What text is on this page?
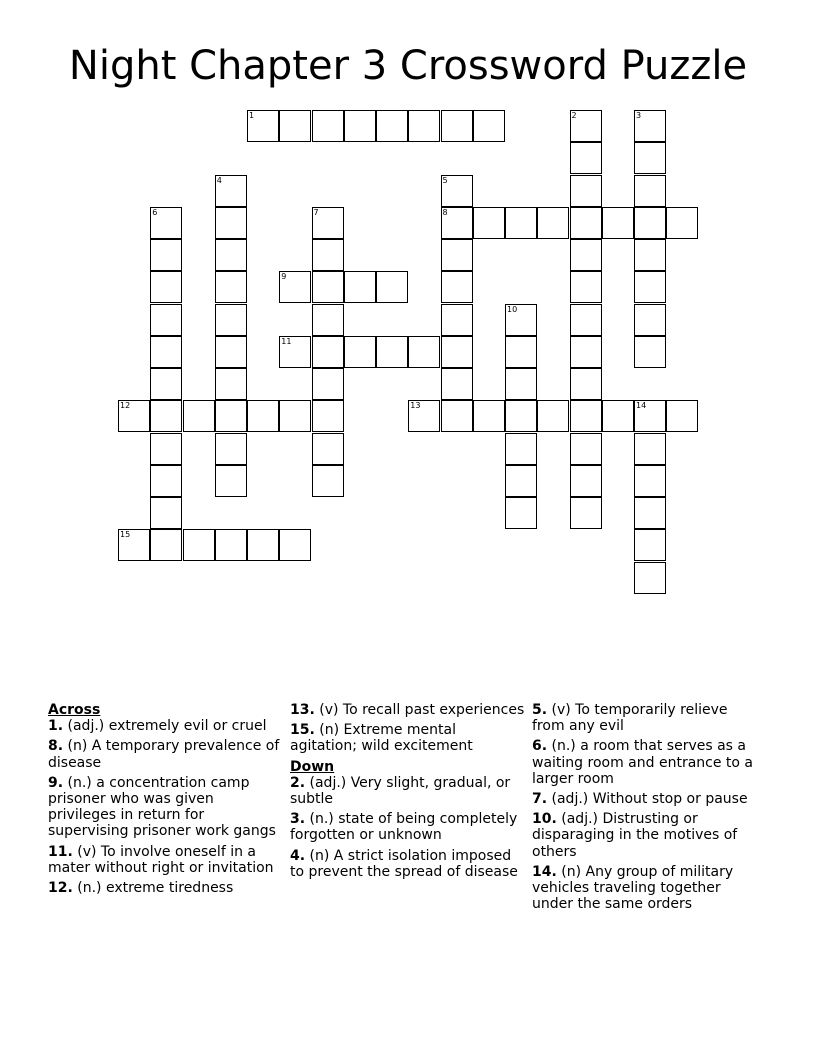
Night Chapter 3 Crossword Puzzle
1	2	3
4	5
8
6	7
9
10
11
12	13	14
15
Across
1. (adj.) extremely evil or cruel
8. (n) A temporary prevalence of disease
9. (n.) a concentration camp prisoner who was given privileges in return for supervising prisoner work gangs
11. (v) To involve oneself in a mater without right or invitation
12. (n.) extreme tiredness
13. (v) To recall past experiences
15. (n) Extreme mental agitation; wild excitement
Down
2. (adj.) Very slight, gradual, or subtle
3. (n.) state of being completely forgotten or unknown
4. (n) A strict isolation imposed to prevent the spread of disease
5. (v) To temporarily relieve from any evil
6. (n.) a room that serves as a waiting room and entrance to a larger room
7. (adj.) Without stop or pause
10. (adj.) Distrusting or disparaging in the motives of others
14. (n) Any group of military vehicles traveling together under the same orders
